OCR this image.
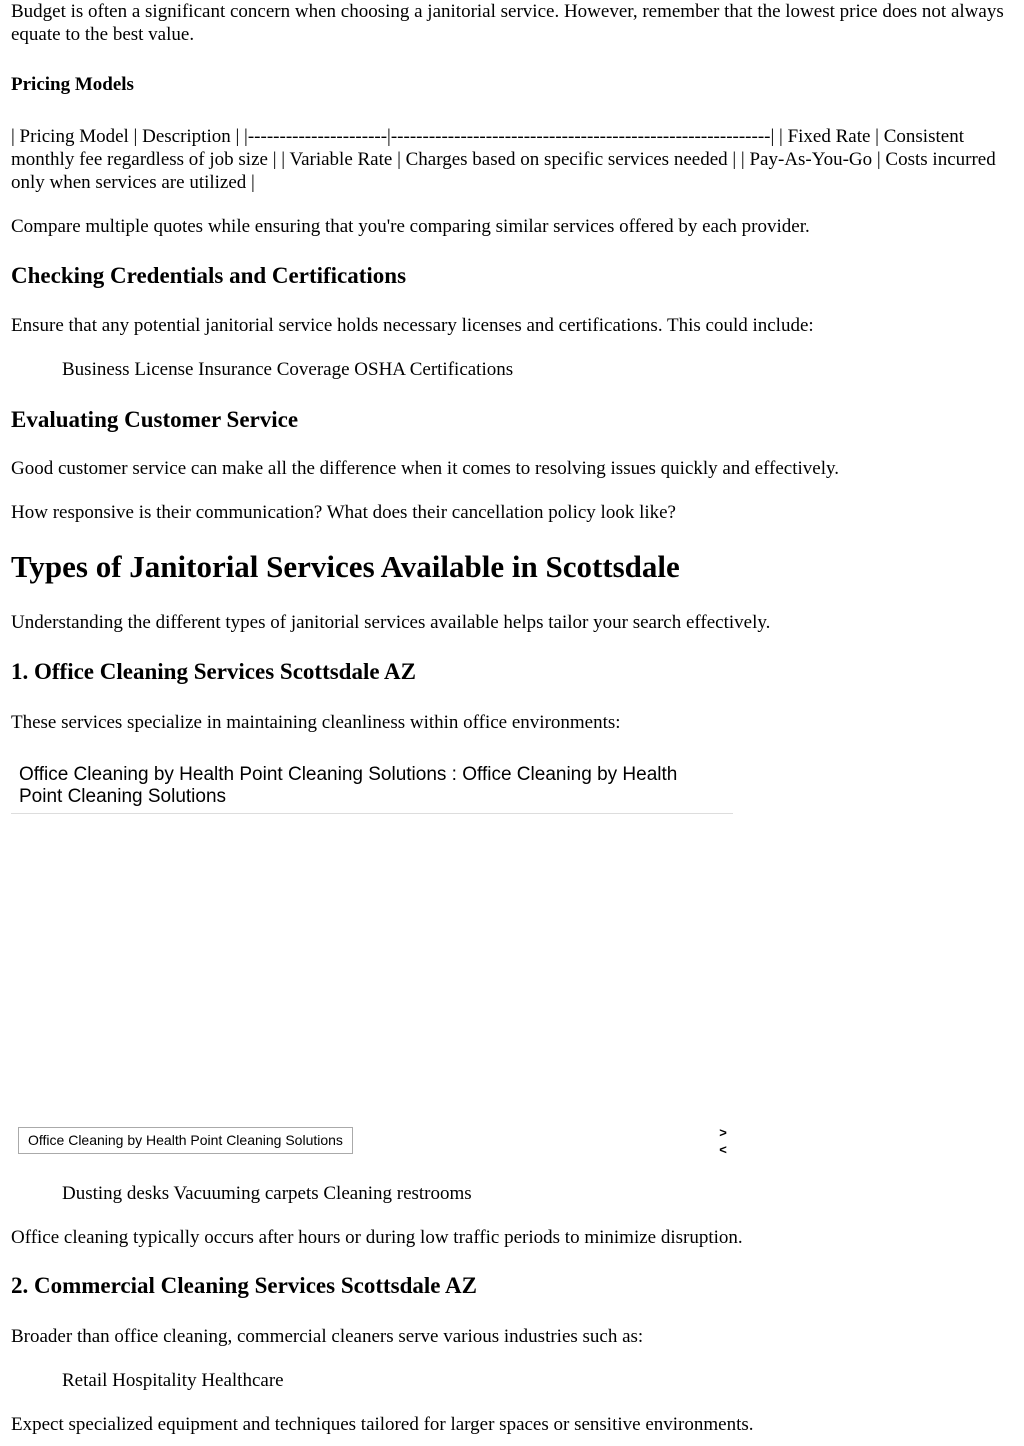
Budget is often a significant concern when choosing a janitorial service. However, remember that the lowest price does not always equate to the best value.

Pricing Models

| Pricing Model | Description | |----------------------|------------------------------------------------------------| | Fixed Rate | Consistent monthly fee regardless of job size | | Variable Rate | Charges based on specific services needed | | Pay-As-You-Go | Costs incurred only when services are utilized |

Compare multiple quotes while ensuring that you're comparing similar services offered by each provider.

Checking Credentials and Certifications

Ensure that any potential janitorial service holds necessary licenses and certifications. This could include:

Business License Insurance Coverage OSHA Certifications

Evaluating Customer Service

Good customer service can make all the difference when it comes to resolving issues quickly and effectively.

How responsive is their communication? What does their cancellation policy look like?

Types of Janitorial Services Available in Scottsdale

Understanding the different types of janitorial services available helps tailor your search effectively.

1. Office Cleaning Services Scottsdale AZ

These services specialize in maintaining cleanliness within office environments:

Office Cleaning by Health Point Cleaning Solutions : Office Cleaning by Health Point Cleaning Solutions
Office Cleaning by Health Point Cleaning Solutions	>
<

Dusting desks Vacuuming carpets Cleaning restrooms

Office cleaning typically occurs after hours or during low traffic periods to minimize disruption.

2. Commercial Cleaning Services Scottsdale AZ

Broader than office cleaning, commercial cleaners serve various industries such as:

Retail Hospitality Healthcare

Expect specialized equipment and techniques tailored for larger spaces or sensitive environments.
